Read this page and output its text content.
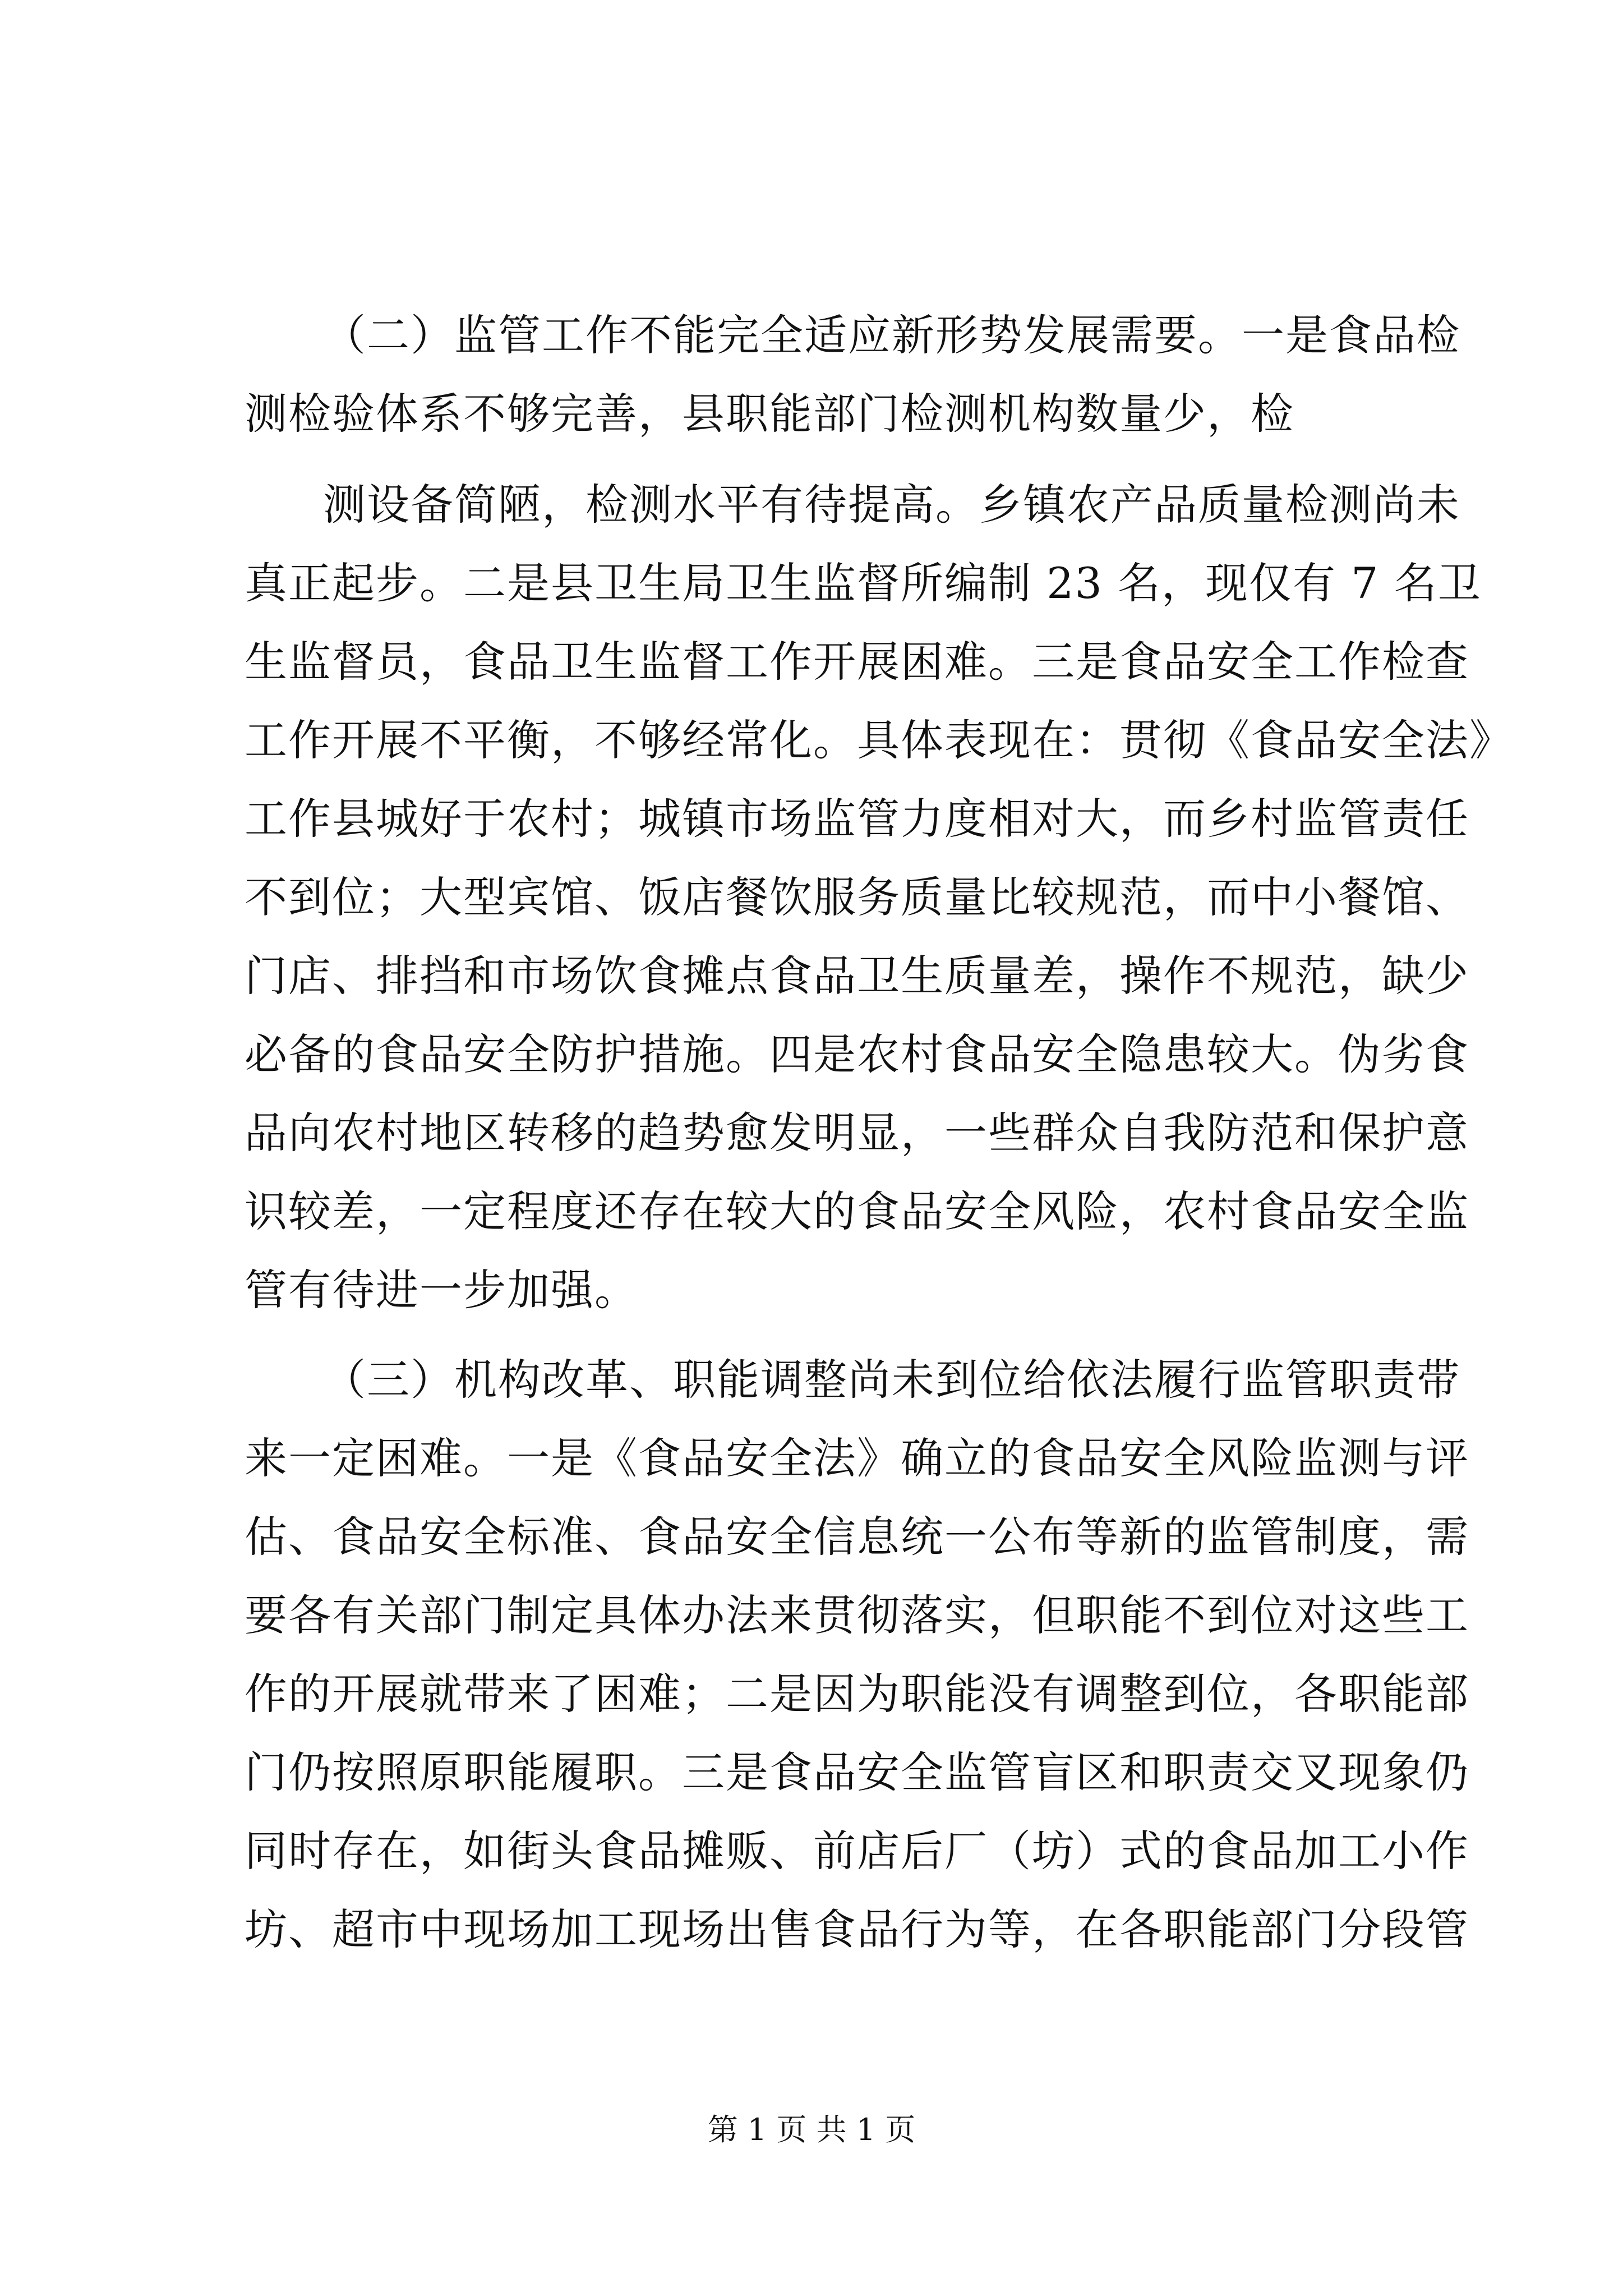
（二）监管工作不能完全适应新形势发展需要。一是食品检
测检验体系不够完善，县职能部门检测机构数量少，检
测设备简陋，检测水平有待提高。乡镇农产品质量检测尚未
真正起步。二是县卫生局卫生监督所编制 23 名，现仅有 7 名卫
生监督员，食品卫生监督工作开展困难。三是食品安全工作检查
工作开展不平衡，不够经常化。具体表现在：贯彻《食品安全法》
工作县城好于农村；城镇市场监管力度相对大，而乡村监管责任
不到位；大型宾馆、饭店餐饮服务质量比较规范，而中小餐馆、
门店、排挡和市场饮食摊点食品卫生质量差，操作不规范，缺少
必备的食品安全防护措施。四是农村食品安全隐患较大。伪劣食
品向农村地区转移的趋势愈发明显，一些群众自我防范和保护意
识较差，一定程度还存在较大的食品安全风险，农村食品安全监
管有待进一步加强。
（三）机构改革、职能调整尚未到位给依法履行监管职责带
来一定困难。一是《食品安全法》确立的食品安全风险监测与评
估、食品安全标准、食品安全信息统一公布等新的监管制度，需
要各有关部门制定具体办法来贯彻落实，但职能不到位对这些工
作的开展就带来了困难；二是因为职能没有调整到位，各职能部
门仍按照原职能履职。三是食品安全监管盲区和职责交叉现象仍
同时存在，如街头食品摊贩、前店后厂（坊）式的食品加工小作
坊、超市中现场加工现场出售食品行为等，在各职能部门分段管
第 1 页 共 1 页
